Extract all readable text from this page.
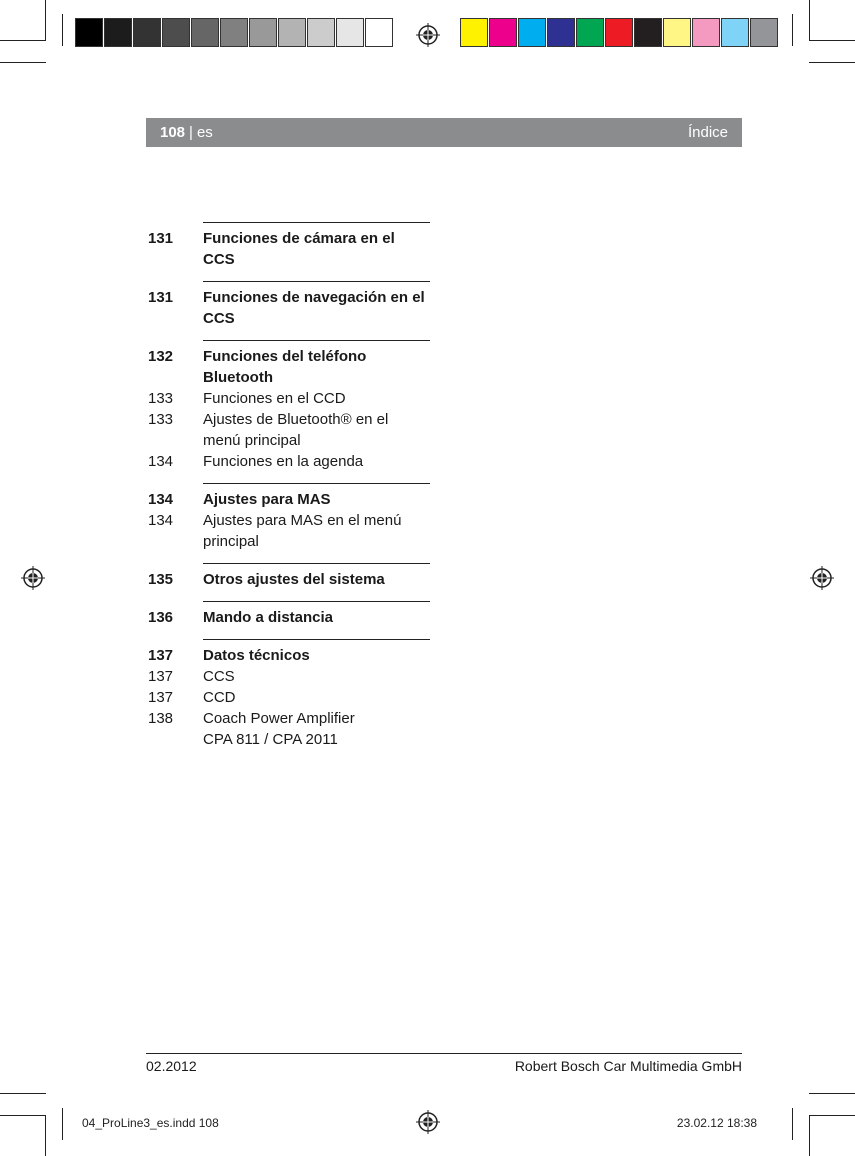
108 | es	Índice
131	Funciones de cámara en el CCS
131	Funciones de navegación en el CCS
132	Funciones del teléfono Bluetooth
133	Funciones en el CCD
133	Ajustes de Bluetooth® en el menú principal
134	Funciones en la agenda
134	Ajustes para MAS
134	Ajustes para MAS en el menú principal
135	Otros ajustes del sistema
136	Mando a distancia
137	Datos técnicos
137	CCS
137	CCD
138	Coach Power Amplifier
CPA 811 / CPA 2011
02.2012	Robert Bosch Car Multimedia GmbH
04_ProLine3_es.indd 108	23.02.12 18:38
